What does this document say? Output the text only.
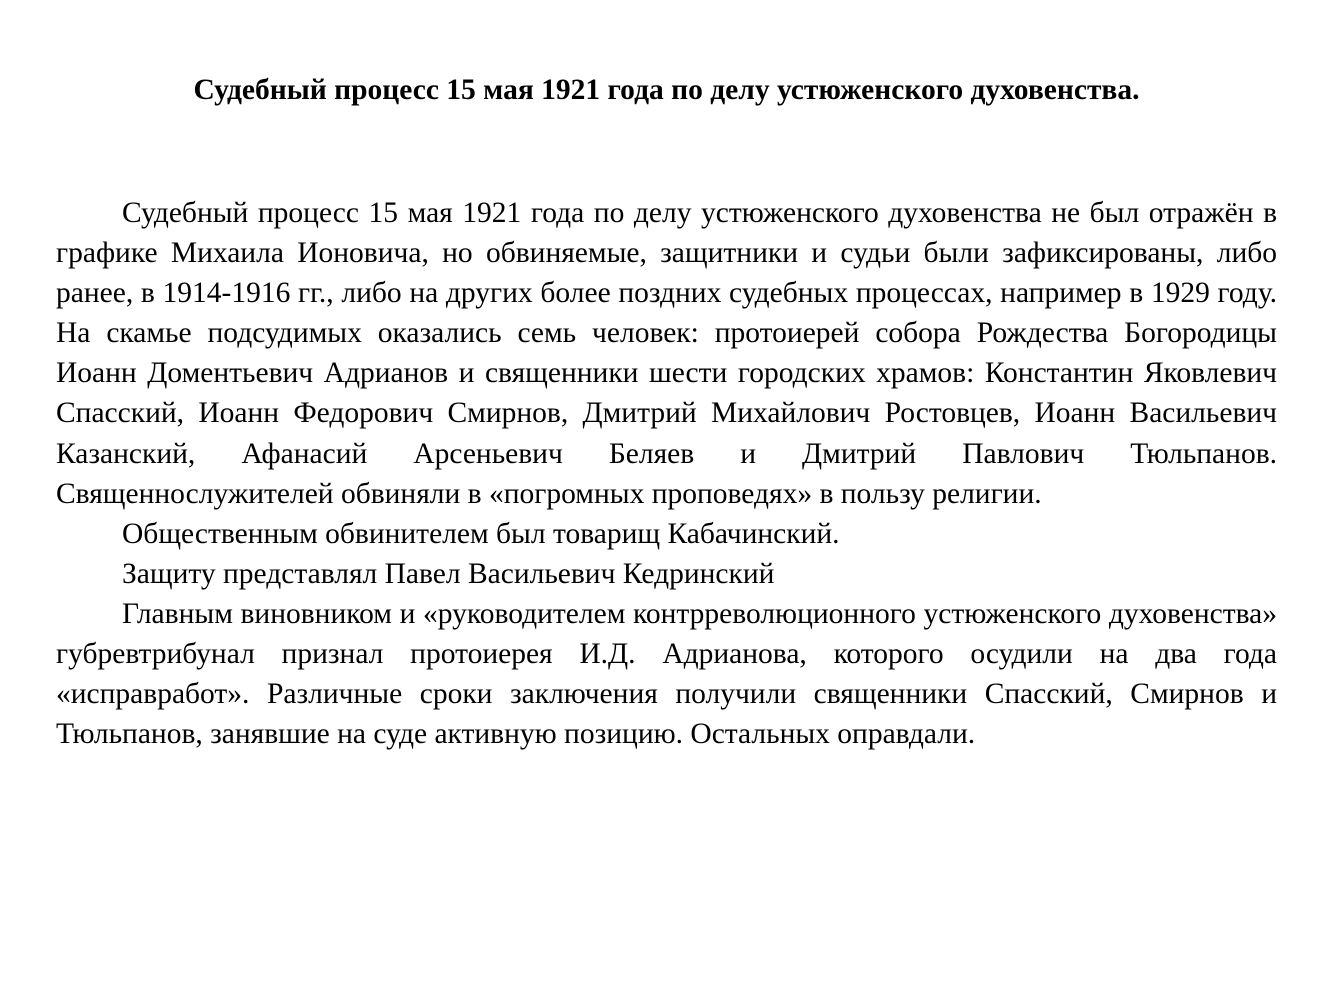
Судебный процесс 15 мая 1921 года по делу устюженского духовенства.

Судебный процесс 15 мая 1921 года по делу устюженского духовенства не был отражён в графике Михаила Ионовича, но обвиняемые, защитники и судьи были зафиксированы, либо ранее, в 1914-1916 гг., либо на других более поздних судебных процессах, например в 1929 году. На скамье подсудимых оказались семь человек: протоиерей собора Рождества Богородицы Иоанн Доментьевич Адрианов и священники шести городских храмов: Константин Яковлевич Спасский, Иоанн Федорович Смирнов, Дмитрий Михайлович Ростовцев, Иоанн Васильевич Казанский, Афанасий Арсеньевич Беляев и Дмитрий Павлович Тюльпанов. Священнослужителей обвиняли в «погромных проповедях» в пользу религии.

Общественным обвинителем был товарищ Кабачинский.

Защиту представлял Павел Васильевич Кедринский

Главным виновником и «руководителем контрреволюционного устюженского духовенства» губревтрибунал признал протоиерея И.Д. Адрианова, которого осудили на два года «исправработ». Различные сроки заключения получили священники Спасский, Смирнов и Тюльпанов, занявшие на суде активную позицию. Остальных оправдали.
